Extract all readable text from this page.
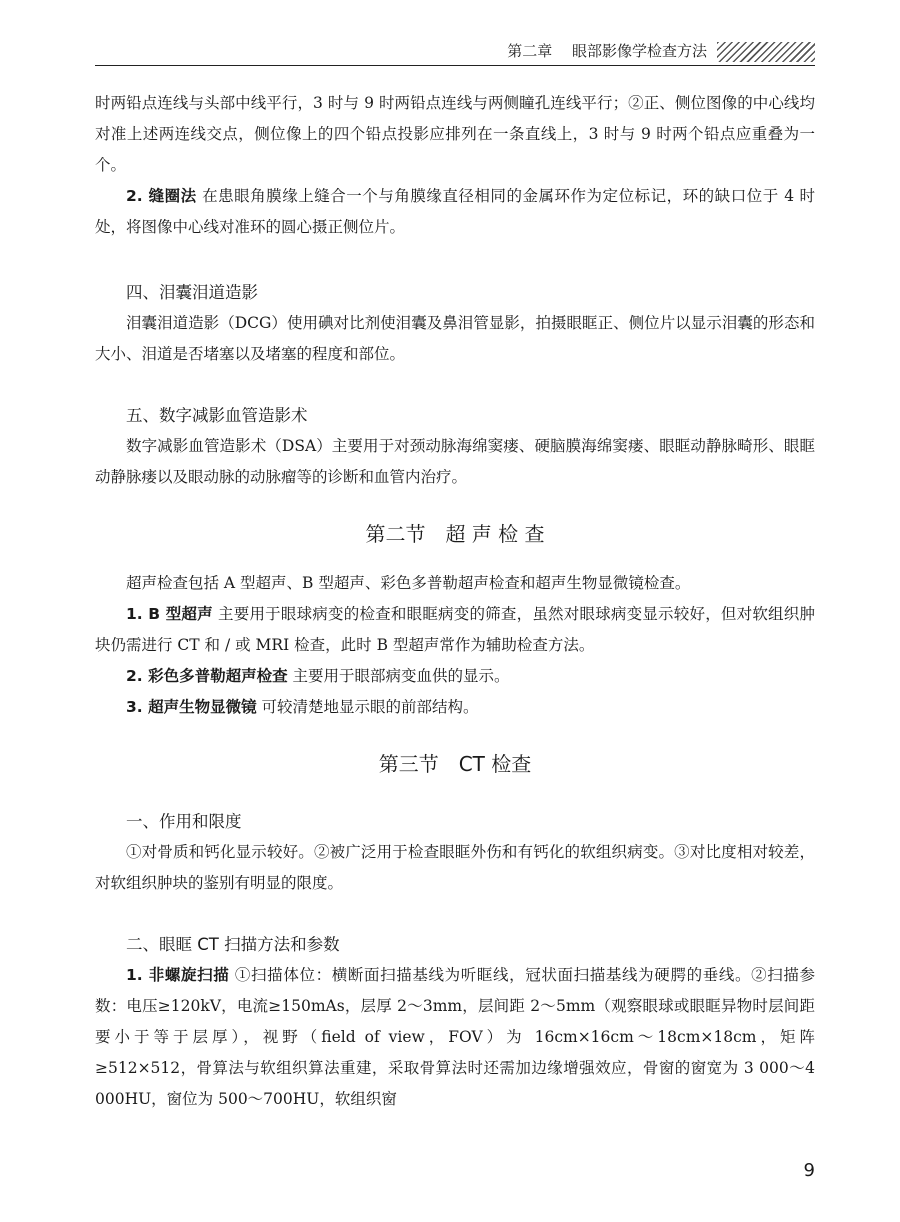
第二章　 眼部影像学检查方法

时两铅点连线与头部中线平行，3 时与 9 时两铅点连线与两侧瞳孔连线平行；②正、侧位图像的中心线均对准上述两连线交点，侧位像上的四个铅点投影应排列在一条直线上，3 时与 9 时两个铅点应重叠为一个。

2. 缝圈法 在患眼角膜缘上缝合一个与角膜缘直径相同的金属环作为定位标记，环的缺口位于 4 时处，将图像中心线对准环的圆心摄正侧位片。

四、泪囊泪道造影

泪囊泪道造影（DCG）使用碘对比剂使泪囊及鼻泪管显影，拍摄眼眶正、侧位片以显示泪囊的形态和大小、泪道是否堵塞以及堵塞的程度和部位。

五、数字减影血管造影术

数字减影血管造影术（DSA）主要用于对颈动脉海绵窦瘘、硬脑膜海绵窦瘘、眼眶动静脉畸形、眼眶动静脉瘘以及眼动脉的动脉瘤等的诊断和血管内治疗。

第二节　超 声 检 查

超声检查包括 A 型超声、B 型超声、彩色多普勒超声检查和超声生物显微镜检查。

1. B 型超声 主要用于眼球病变的检查和眼眶病变的筛查，虽然对眼球病变显示较好，但对软组织肿块仍需进行 CT 和 / 或 MRI 检查，此时 B 型超声常作为辅助检查方法。

2. 彩色多普勒超声检查 主要用于眼部病变血供的显示。

3. 超声生物显微镜 可较清楚地显示眼的前部结构。

第三节　CT 检查
一、作用和限度

①对骨质和钙化显示较好。②被广泛用于检查眼眶外伤和有钙化的软组织病变。③对比度相对较差，对软组织肿块的鉴别有明显的限度。

二、眼眶 CT 扫描方法和参数

1. 非螺旋扫描 ①扫描体位：横断面扫描基线为听眶线，冠状面扫描基线为硬腭的垂线。②扫描参数：电压≥120kV，电流≥150mAs，层厚 2～3mm，层间距 2～5mm（观察眼球或眼眶异物时层间距要小于等于层厚），视野（field of view，FOV）为 16cm×16cm～18cm×18cm，矩阵≥512×512，骨算法与软组织算法重建，采取骨算法时还需加边缘增强效应，骨窗的窗宽为 3 000～4 000HU，窗位为 500～700HU，软组织窗

9
